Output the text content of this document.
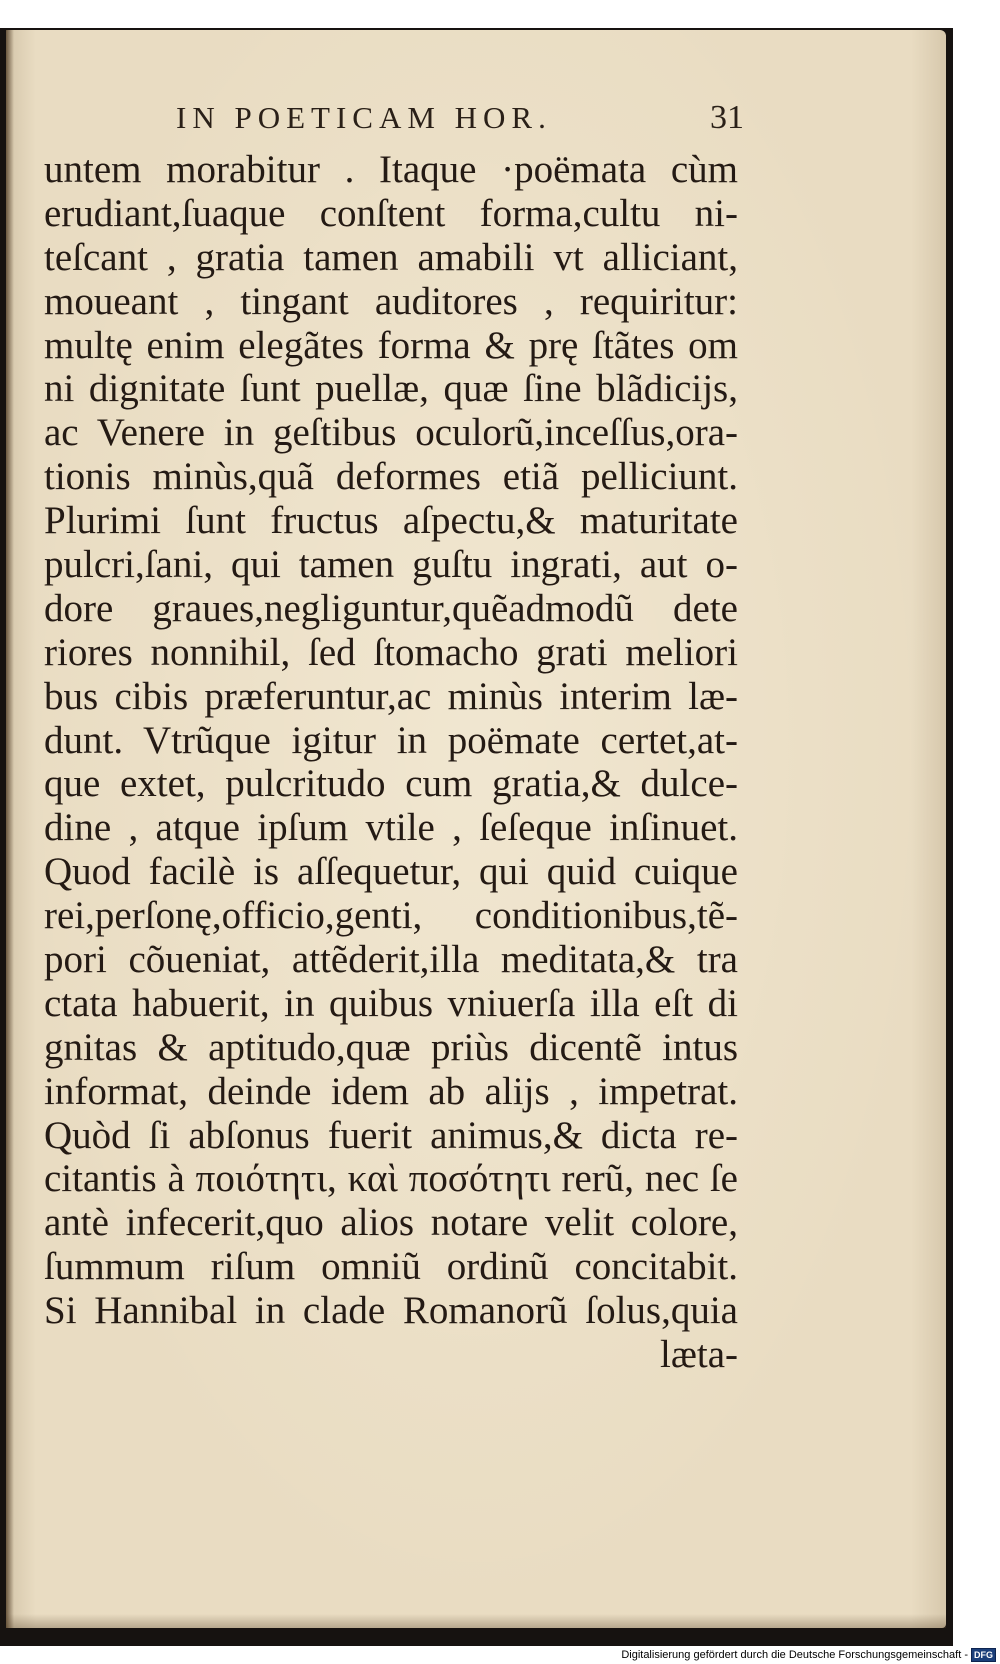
IN POETICAM HOR.	31
untem morabitur . Itaque ·poëmata cùm
erudiant,ſuaque conſtent forma,cultu ni-
teſcant , gratia tamen amabili vt alliciant,
moueant , tingant auditores , requiritur:
multę enim elegãtes forma & prę ſtãtes om
ni dignitate ſunt puellæ, quæ ſine blãdicijs,
ac Venere in geſtibus oculorũ,inceſſus,ora-
tionis minùs,quã deformes etiã pelliciunt.
Plurimi ſunt fructus aſpectu,& maturitate
pulcri,ſani, qui tamen guſtu ingrati, aut o-
dore graues,negliguntur,quẽadmodũ dete
riores nonnihil, ſed ſtomacho grati meliori
bus cibis præferuntur,ac minùs interim læ-
dunt. Vtrũque igitur in poëmate certet,at-
que extet, pulcritudo cum gratia,& dulce-
dine , atque ipſum vtile , ſeſeque inſinuet.
Quod facilè is aſſequetur, qui quid cuique
rei,perſonę,officio,genti, conditionibus,tẽ-
pori cõueniat, attẽderit,illa meditata,& tra
ctata habuerit, in quibus vniuerſa illa eſt di
gnitas & aptitudo,quæ priùs dicentẽ intus
informat, deinde idem ab alijs , impetrat.
Quòd ſi abſonus fuerit animus,& dicta re-
citantis à ποιότητι, καὶ ποσότητι rerũ, nec ſe
antè infecerit,quo alios notare velit colore,
ſummum riſum omniũ ordinũ concitabit.
Si Hannibal in clade Romanorũ ſolus,quia
læta-
Digitalisierung gefördert durch die Deutsche Forschungsgemeinschaft - DFG
